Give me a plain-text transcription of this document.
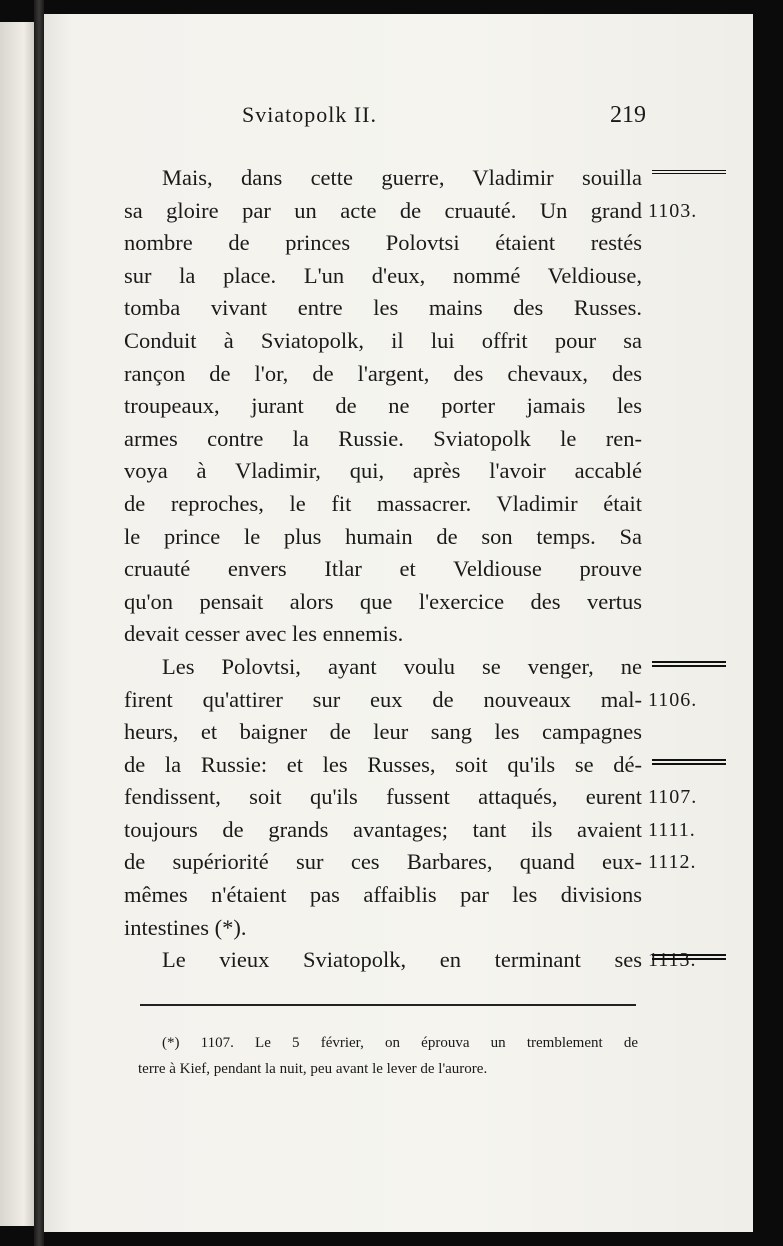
Sviatopolk II.	219
Mais, dans cette guerre, Vladimir souilla
sa gloire par un acte de cruauté. Un grand 1103.
nombre de princes Polovtsi étaient restés
sur la place. L'un d'eux, nommé Veldiouse,
tomba vivant entre les mains des Russes.
Conduit à Sviatopolk, il lui offrit pour sa
rançon de l'or, de l'argent, des chevaux, des
troupeaux, jurant de ne porter jamais les
armes contre la Russie. Sviatopolk le ren-
voya à Vladimir, qui, après l'avoir accablé
de reproches, le fit massacrer. Vladimir était
le prince le plus humain de son temps. Sa
cruauté envers Itlar et Veldiouse prouve
qu'on pensait alors que l'exercice des vertus
devait cesser avec les ennemis.
Les Polovtsi, ayant voulu se venger, ne
firent qu'attirer sur eux de nouveaux mal- 1106.
heurs, et baigner de leur sang les campagnes
de la Russie: et les Russes, soit qu'ils se dé-
fendissent, soit qu'ils fussent attaqués, eurent 1107.
toujours de grands avantages; tant ils avaient 1111.
de supériorité sur ces Barbares, quand eux- 1112.
mêmes n'étaient pas affaiblis par les divisions
intestines (*).
Le vieux Sviatopolk, en terminant ses 1113.
(*) 1107. Le 5 février, on éprouva un tremblement de
terre à Kief, pendant la nuit, peu avant le lever de l'aurore.
